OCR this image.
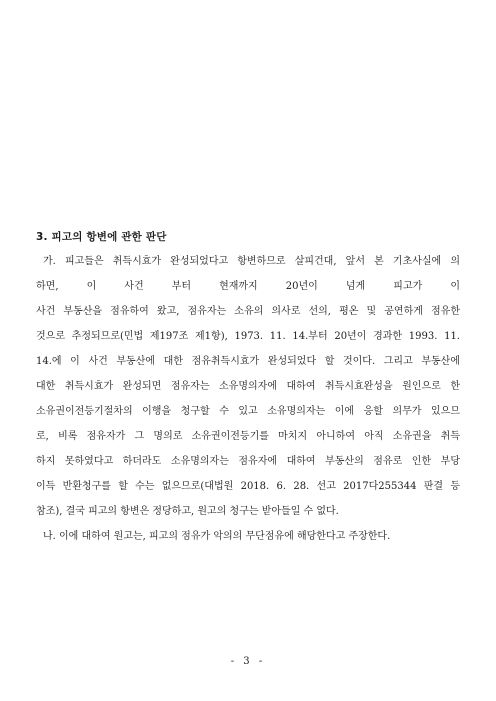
3. 피고의 항변에 관한 판단
가. 피고들은 취득시효가 완성되었다고 항변하므로 살피건대, 앞서 본 기초사실에 의
하면, 이 사건 부터 현재까지 20년이 넘게 피고가 이
사건 부동산을 점유하여 왔고, 점유자는 소유의 의사로 선의, 평온 및 공연하게 점유한
것으로 추정되므로(민법 제197조 제1항), 1973. 11. 14.부터 20년이 경과한 1993. 11.
14.에 이 사건 부동산에 대한 점유취득시효가 완성되었다 할 것이다. 그리고 부동산에
대한 취득시효가 완성되면 점유자는 소유명의자에 대하여 취득시효완성을 원인으로 한
소유권이전등기절차의 이행을 청구할 수 있고 소유명의자는 이에 응할 의무가 있으므
로, 비록 점유자가 그 명의로 소유권이전등기를 마치지 아니하여 아직 소유권을 취득
하지 못하였다고 하더라도 소유명의자는 점유자에 대하여 부동산의 점유로 인한 부당
이득 반환청구를 할 수는 없으므로(대법원 2018. 6. 28. 선고 2017다255344 판결 등
참조), 결국 피고의 항변은 정당하고, 원고의 청구는 받아들일 수 없다.
나. 이에 대하여 원고는, 피고의 점유가 악의의 무단점유에 해당한다고 주장한다.
- 3 -
